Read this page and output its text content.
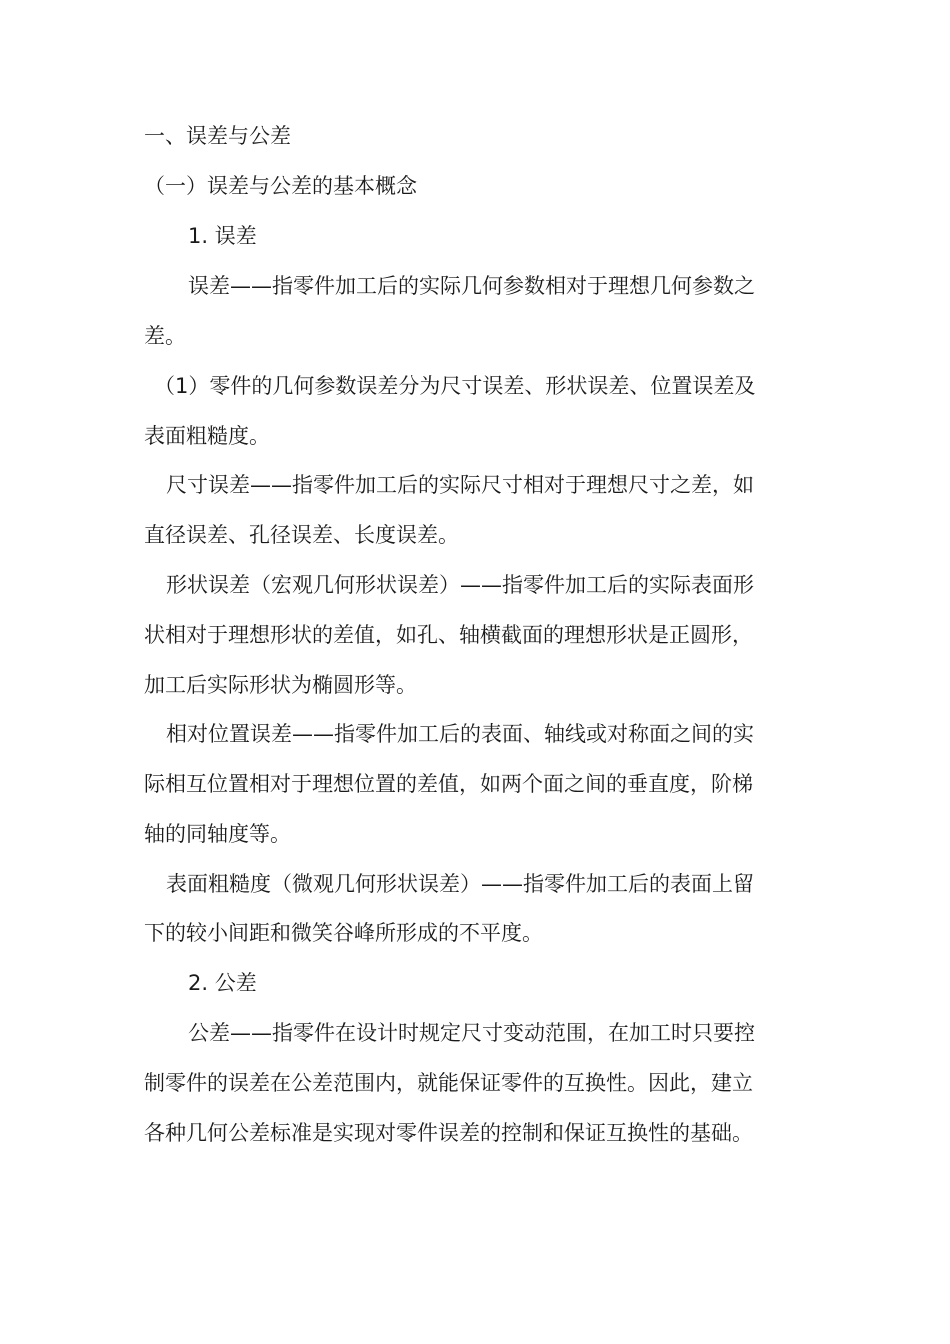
一、误差与公差
（一）误差与公差的基本概念
1. 误差
误差——指零件加工后的实际几何参数相对于理想几何参数之
差。
（1）零件的几何参数误差分为尺寸误差、形状误差、位置误差及
表面粗糙度。
尺寸误差——指零件加工后的实际尺寸相对于理想尺寸之差，如
直径误差、孔径误差、长度误差。
形状误差（宏观几何形状误差）——指零件加工后的实际表面形
状相对于理想形状的差值，如孔、轴横截面的理想形状是正圆形，
加工后实际形状为椭圆形等。
相对位置误差——指零件加工后的表面、轴线或对称面之间的实
际相互位置相对于理想位置的差值，如两个面之间的垂直度，阶梯
轴的同轴度等。
表面粗糙度（微观几何形状误差）——指零件加工后的表面上留
下的较小间距和微笑谷峰所形成的不平度。
2. 公差
公差——指零件在设计时规定尺寸变动范围，在加工时只要控
制零件的误差在公差范围内，就能保证零件的互换性。因此，建立
各种几何公差标准是实现对零件误差的控制和保证互换性的基础。
